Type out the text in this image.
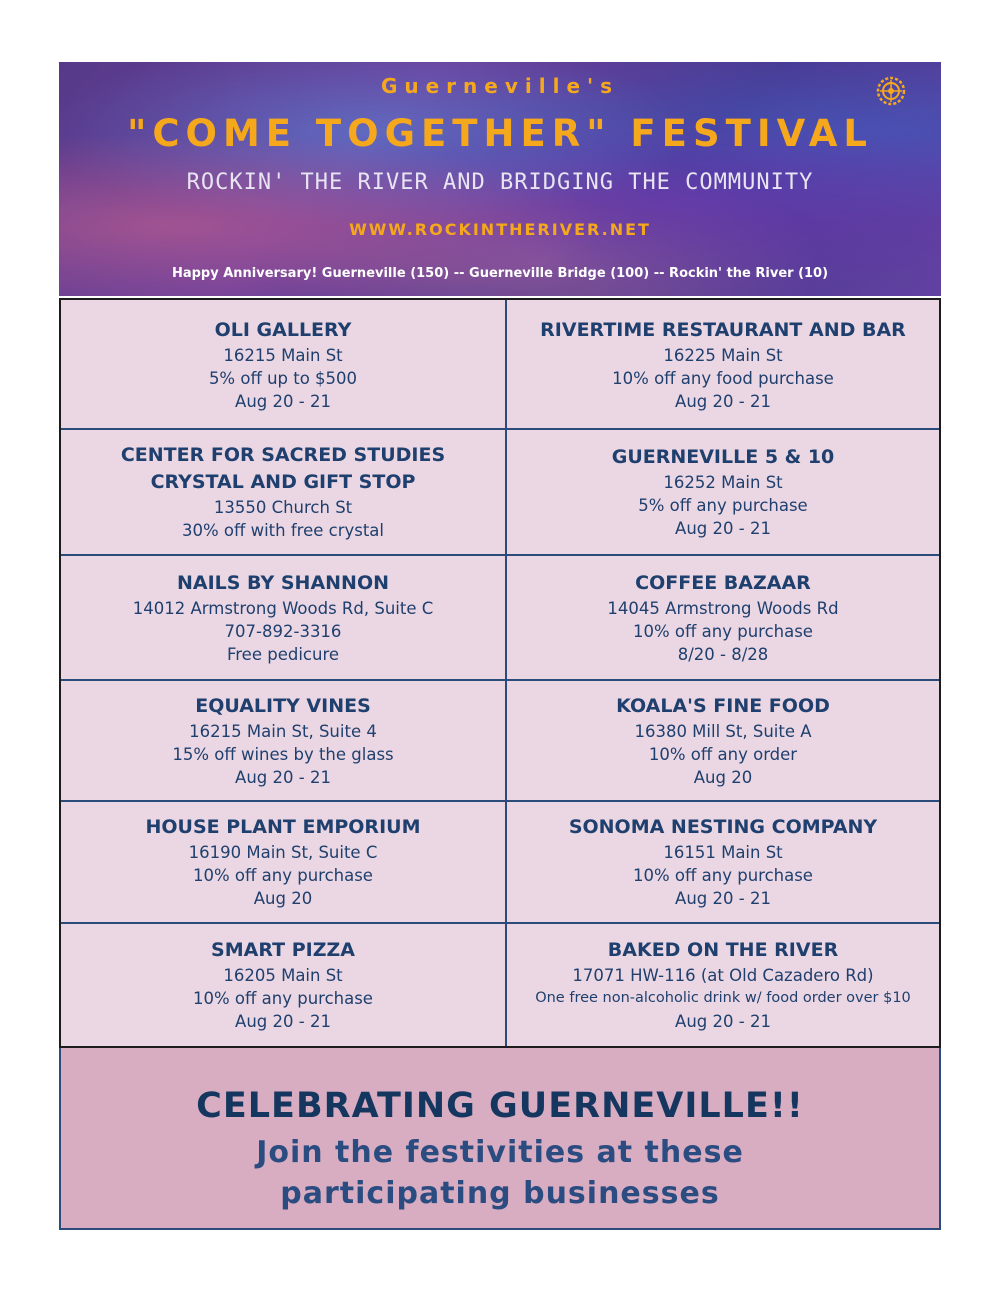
Guerneville's
"COME TOGETHER" FESTIVAL
ROCKIN' THE RIVER AND BRIDGING THE COMMUNITY
WWW.ROCKINTHERIVER.NET
Happy Anniversary! Guerneville (150) -- Guerneville Bridge (100) -- Rockin' the River (10)
OLI GALLERY
16215 Main St
5% off up to $500
Aug 20 - 21
RIVERTIME RESTAURANT AND BAR
16225 Main St
10% off any food purchase
Aug 20 - 21
CENTER FOR SACRED STUDIES
CRYSTAL AND GIFT STOP
13550 Church St
30% off with free crystal
GUERNEVILLE 5 & 10
16252 Main St
5% off any purchase
Aug 20 - 21
NAILS BY SHANNON
14012 Armstrong Woods Rd, Suite C
707-892-3316
Free pedicure
COFFEE BAZAAR
14045 Armstrong Woods Rd
10% off any purchase
8/20 - 8/28
EQUALITY VINES
16215 Main St, Suite 4
15% off wines by the glass
Aug 20 - 21
KOALA'S FINE FOOD
16380 Mill St, Suite A
10% off any order
Aug 20
HOUSE PLANT EMPORIUM
16190 Main St, Suite C
10% off any purchase
Aug 20
SONOMA NESTING COMPANY
16151 Main St
10% off any purchase
Aug 20 - 21
SMART PIZZA
16205 Main St
10% off any purchase
Aug 20 - 21
BAKED ON THE RIVER
17071 HW-116 (at Old Cazadero Rd)
One free non-alcoholic drink w/ food order over $10
Aug 20 - 21
CELEBRATING GUERNEVILLE!!
Join the festivities at these
participating businesses
